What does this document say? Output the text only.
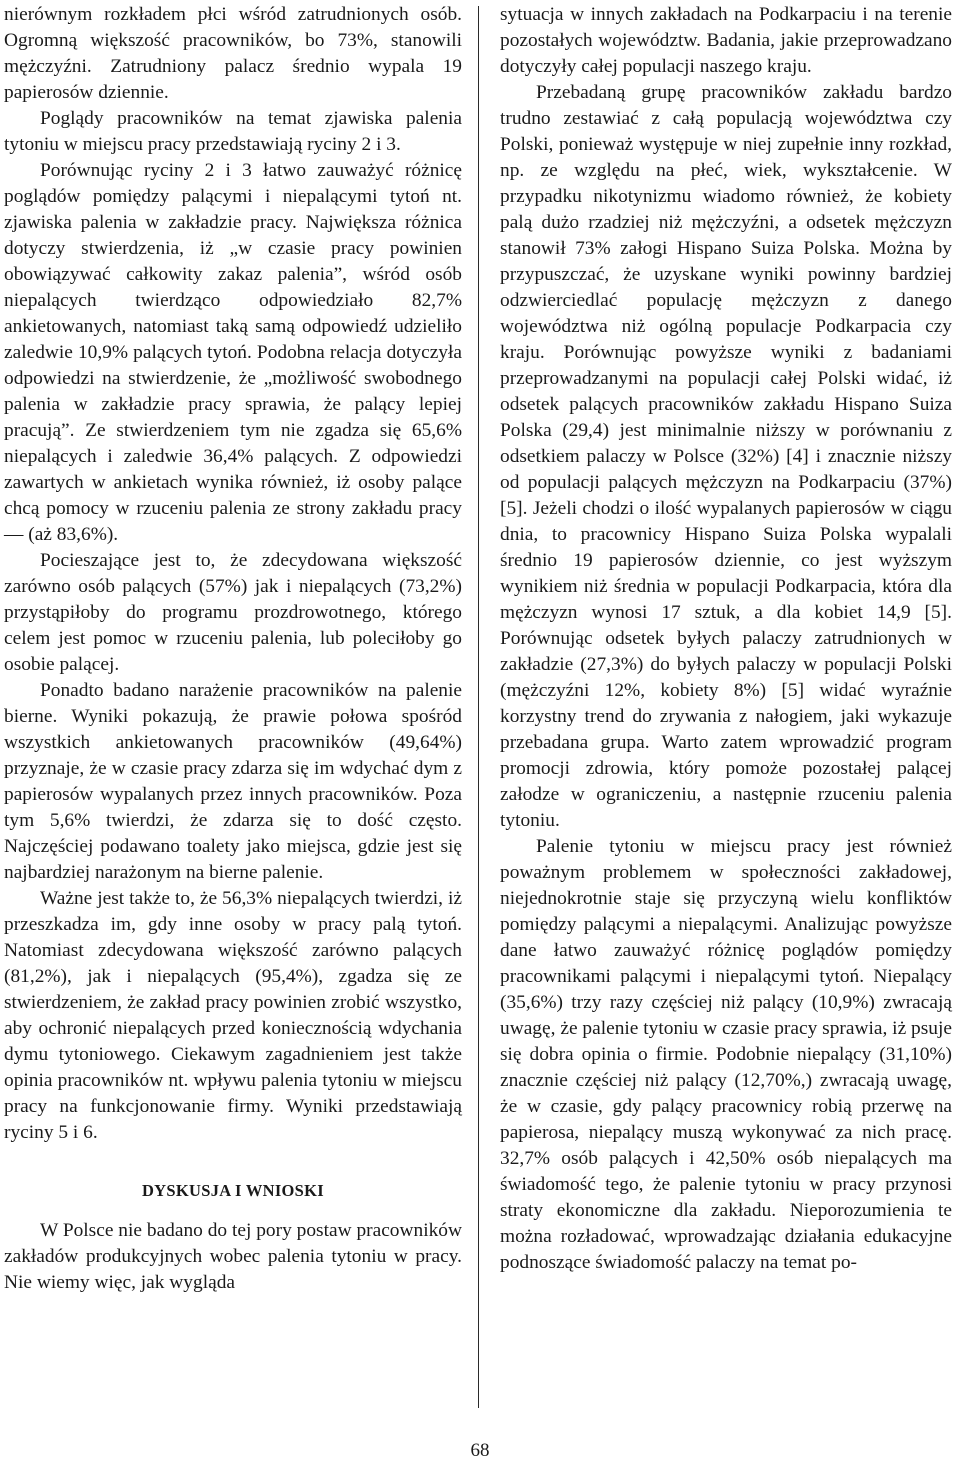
nierównym rozkładem płci wśród zatrudnionych osób. Ogromną większość pracowników, bo 73%, stanowili mężczyźni. Zatrudniony palacz średnio wypala 19 papierosów dziennie.

Poglądy pracowników na temat zjawiska palenia tytoniu w miejscu pracy przedstawiają ryciny 2 i 3.

Porównując ryciny 2 i 3 łatwo zauważyć różnicę poglądów pomiędzy palącymi i niepalącymi tytoń nt. zjawiska palenia w zakładzie pracy. Największa różnica dotyczy stwierdzenia, iż „w czasie pracy powinien obowiązywać całkowity zakaz palenia”, wśród osób niepalących twierdząco odpowiedziało 82,7% ankietowanych, natomiast taką samą odpowiedź udzieliło zaledwie 10,9% palących tytoń. Podobna relacja dotyczyła odpowiedzi na stwierdzenie, że „możliwość swobodnego palenia w zakładzie pracy sprawia, że palący lepiej pracują”. Ze stwierdzeniem tym nie zgadza się 65,6% niepalących i zaledwie 36,4% palących. Z odpowiedzi zawartych w ankietach wynika również, iż osoby palące chcą pomocy w rzuceniu palenia ze strony zakładu pracy — (aż 83,6%).

Pocieszające jest to, że zdecydowana większość zarówno osób palących (57%) jak i niepalących (73,2%) przystąpiłoby do programu prozdrowotnego, którego celem jest pomoc w rzuceniu palenia, lub poleciłoby go osobie palącej.

Ponadto badano narażenie pracowników na palenie bierne. Wyniki pokazują, że prawie połowa spośród wszystkich ankietowanych pracowników (49,64%) przyznaje, że w czasie pracy zdarza się im wdychać dym z papierosów wypalanych przez innych pracowników. Poza tym 5,6% twierdzi, że zdarza się to dość często. Najczęściej podawano toalety jako miejsca, gdzie jest się najbardziej narażonym na bierne palenie.

Ważne jest także to, że 56,3% niepalących twierdzi, iż przeszkadza im, gdy inne osoby w pracy palą tytoń. Natomiast zdecydowana większość zarówno palących (81,2%), jak i niepalących (95,4%), zgadza się ze stwierdzeniem, że zakład pracy powinien zrobić wszystko, aby ochronić niepalących przed koniecznością wdychania dymu tytoniowego. Ciekawym zagadnieniem jest także opinia pracowników nt. wpływu palenia tytoniu w miejscu pracy na funkcjonowanie firmy. Wyniki przedstawiają ryciny 5 i 6.

DYSKUSJA I WNIOSKI

W Polsce nie badano do tej pory postaw pracowników zakładów produkcyjnych wobec palenia tytoniu w pracy. Nie wiemy więc, jak wygląda

sytuacja w innych zakładach na Podkarpaciu i na terenie pozostałych województw. Badania, jakie przeprowadzano dotyczyły całej populacji naszego kraju.

Przebadaną grupę pracowników zakładu bardzo trudno zestawiać z całą populacją województwa czy Polski, ponieważ występuje w niej zupełnie inny rozkład, np. ze względu na płeć, wiek, wykształcenie. W przypadku nikotynizmu wiadomo również, że kobiety palą dużo rzadziej niż mężczyźni, a odsetek mężczyzn stanowił 73% załogi Hispano Suiza Polska. Można by przypuszczać, że uzyskane wyniki powinny bardziej odzwierciedlać populację mężczyzn z danego województwa niż ogólną populacje Podkarpacia czy kraju. Porównując powyższe wyniki z badaniami przeprowadzanymi na populacji całej Polski widać, iż odsetek palących pracowników zakładu Hispano Suiza Polska (29,4) jest minimalnie niższy w porównaniu z odsetkiem palaczy w Polsce (32%) [4] i znacznie niższy od populacji palących mężczyzn na Podkarpaciu (37%) [5]. Jeżeli chodzi o ilość wypalanych papierosów w ciągu dnia, to pracownicy Hispano Suiza Polska wypalali średnio 19 papierosów dziennie, co jest wyższym wynikiem niż średnia w populacji Podkarpacia, która dla mężczyzn wynosi 17 sztuk, a dla kobiet 14,9 [5]. Porównując odsetek byłych palaczy zatrudnionych w zakładzie (27,3%) do byłych palaczy w populacji Polski (mężczyźni 12%, kobiety 8%) [5] widać wyraźnie korzystny trend do zrywania z nałogiem, jaki wykazuje przebadana grupa. Warto zatem wprowadzić program promocji zdrowia, który pomoże pozostałej palącej załodze w ograniczeniu, a następnie rzuceniu palenia tytoniu.

Palenie tytoniu w miejscu pracy jest również poważnym problemem w społeczności zakładowej, niejednokrotnie staje się przyczyną wielu konfliktów pomiędzy palącymi a niepalącymi. Analizując powyższe dane łatwo zauważyć różnicę poglądów pomiędzy pracownikami palącymi i niepalącymi tytoń. Niepalący (35,6%) trzy razy częściej niż palący (10,9%) zwracają uwagę, że palenie tytoniu w czasie pracy sprawia, iż psuje się dobra opinia o firmie. Podobnie niepalący (31,10%) znacznie częściej niż palący (12,70%,) zwracają uwagę, że w czasie, gdy palący pracownicy robią przerwę na papierosa, niepalący muszą wykonywać za nich pracę. 32,7% osób palących i 42,50% osób niepalących ma świadomość tego, że palenie tytoniu w pracy przynosi straty ekonomiczne dla zakładu. Nieporozumienia te można rozładować, wprowadzając działania edukacyjne podnoszące świadomość palaczy na temat po-

68
